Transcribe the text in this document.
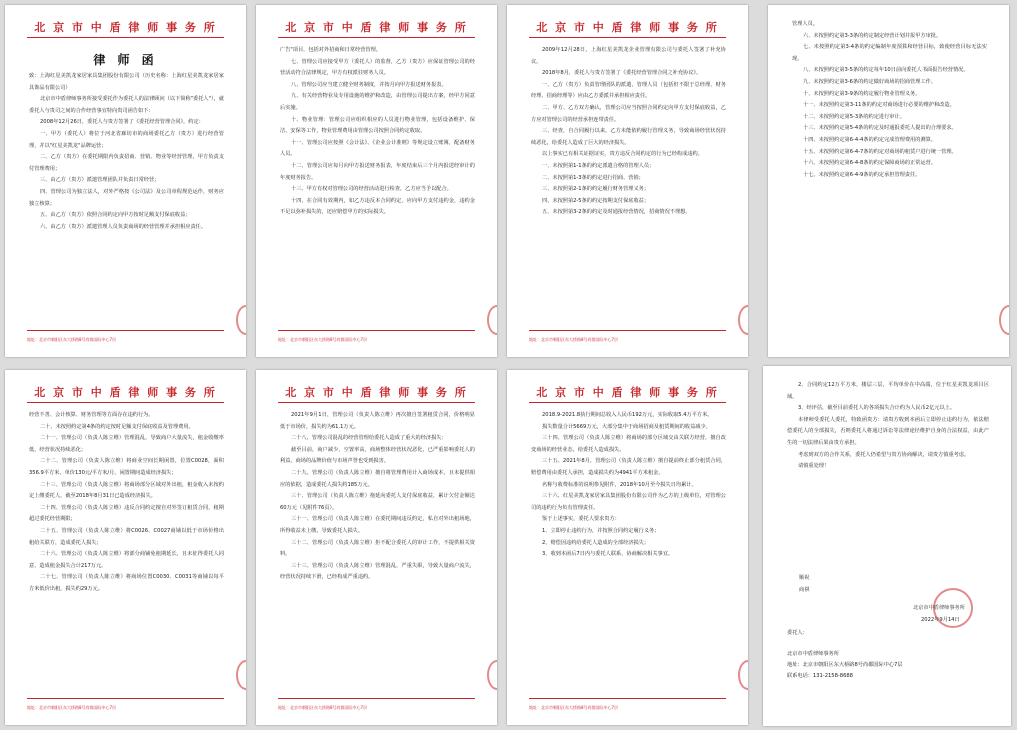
北 京 市 中 盾 律 师 事 务 所
律 师 函
致：上海红星美凯龙家居家具集团股份有限公司（历史名称：上海红星美凯龙家居家具饰品有限公司）
北京市中盾律师事务所接受委托作为委托人的法律顾问（以下简称"委托人"），就委托人与贵司之间的合作经营事宜特向贵司函告如下：
2008年12月26日，委托人与贵方签署了《委托经营管理合同》，约定：
一、甲方（委托人）将位于河北省廊坊市的商场委托乙方（贵方）进行经营管理，并以"红星美凯龙"品牌运营；
二、乙方（贵方）在委托期限内负责招商、营销、物业等经营管理，甲方负责支付管理费用；
三、由乙方（贵方）派遣管理团队并负责日常经营；
四、管理公司为独立法人，对外严格按《公司法》及公司章程规范运作，财务应独立核算；
五、由乙方（贵方）依照合同约定向甲方按时足额支付保底收益；
六、由乙方（贵方）派遣管理人员负责商场的经营管理并承担相应责任。
地址：北京市朝阳区东大桥路8号尚都国际中心7层
北 京 市 中 盾 律 师 事 务 所
广告"项目，包括对外招商和日常经营管理。
七、管理公司应接受甲方（委托人）的监督，乙方（贵方）应保证管理公司的经营活动符合法律规定，甲方有权派驻财务人员。
八、管理公司应当建立健全财务制度，并按月向甲方报送财务报表。
九、有关经营物业及专用设施的维护和改造，由管理公司提出方案，经甲方同意后实施。
十、物业管理：管理公司应组织相应的人员进行物业管理，包括设备维护、保洁、安保等工作，物业管理费用由管理公司按照合同约定收取。
十一、管理公司应按照《会计法》、《企业会计准则》等规定设立账簿，配备财务人员。
十二、管理公司应每月向甲方报送财务报表，年度结束后三个月内报送经审计的年度财务报告。
十三、甲方有权对管理公司的经营活动进行检查，乙方应当予以配合。
十四、在合同有效期内，如乙方违反本合同约定，应向甲方支付违约金，违约金不足以弥补损失的，还应赔偿甲方的实际损失。
地址：北京市朝阳区东大桥路8号尚都国际中心7层
北 京 市 中 盾 律 师 事 务 所
2009年12月28日，上海红星美凯龙企业管理有限公司与委托人签署了补充协议。
2018年8月，委托人与贵方签署了《委托经营管理合同之补充协议》。
一、乙方（贵方）负责管理团队的派遣，管理人员（包括但不限于总经理、财务经理、招商经理等）应由乙方委派并承担相应责任。
二、甲方、乙方双方确认，管理公司应当按照合同约定向甲方支付保底收益，乙方应对管理公司的经营承担连带责任。
三、经查，自合同履行以来，乙方未能依约履行管理义务，导致商场经营状况持续恶化，给委托人造成了巨大的经济损失。
以上事实已有相关证据证实，贵方违反合同约定的行为已经构成违约。
一、未按照第1-1条的约定派遣合格的管理人员；
二、未按照第1-3条的约定进行招商、营销；
三、未按照第2-1条的约定履行财务管理义务；
四、未按照第2-5条的约定按期支付保底收益；
五、未按照第3-2条的约定及时通报经营情况，招商情况不理想。
地址：北京市朝阳区东大桥路8号尚都国际中心7层
管理人员。
六、未按照约定第3-3条的约定制定经营计划并报甲方审批。
七、未按照约定第3-4条的约定编制年度预算和经营目标，致使经营目标无法实现。
八、未按照约定第3-5条的约定每年10日前向委托人书面报告经营情况。
九、未按照约定第3-6条的约定做好商场的招商管理工作。
十、未按照约定第3-9条的约定履行物业管理义务。
十一、未按照约定第3-11条的约定对商场进行必要的维护和改造。
十二、未按照约定第5-3条的约定进行审计。
十三、未按照约定第5-4条的约定及时通报委托人提出的合理要求。
十四、未按照约定第6-4-4条的约定完成管理费用的测算。
十五、未按照约定第6-4-7条的约定对商场的租赁户进行统一管理。
十六、未按照约定第6-4-8条的约定保障商场的正常运营。
十七、未按照约定第6-4-9条的约定承担管理责任。
北 京 市 中 盾 律 师 事 务 所
经营不善、会计核算、财务管理等方面存在违约行为。
二十、未按照约定第4条的约定按时足额支付保底收益及管理费用。
二十一、管理公司（负责人陈立维）管理混乱，导致商户大量流失，租金收缴率低，经营状况持续恶化；
二十二、管理公司（负责人陈立维）将商业空间长期闲置，位置C0028，面积356.9平方米，单价130元/平方米/月，闲置期间造成经济损失；
二十三、管理公司（负责人陈立维）将商场部分区域对外出租，租金收入未按约定上缴委托人，截至2018年8月31日已造成经济损失。
二十四、管理公司（负责人陈立维）违反合同约定擅自对外签订租赁合同，租期超过委托经营期限；
二十五、管理公司（负责人陈立维）将C0026、C0027商铺以低于市场价格出租给关联方，造成委托人损失；
二十六、管理公司（负责人陈立维）将部分商铺免租期延长，且未征得委托人同意，造成租金损失合计217万元。
二十七、管理公司（负责人陈立维）将商场位置C0030、C0031等商铺以每平方米低价出租，损失约29万元。
地址：北京市朝阳区东大桥路8号尚都国际中心7层
北 京 市 中 盾 律 师 事 务 所
2021年9月1日，管理公司（负责人陈立维）再次擅自签署租赁合同，价格明显低于市场价，损失约为61.1万元。
二十八、管理公司混乱的经营管理给委托人造成了重大的经济损失：
截至目前，商户减少，空置率高，商场整体经营状况恶化，已严重影响委托人的利益，商场的品牌价值与市场声誉也受到损害。
二十九、管理公司（负责人陈立维）擅自将管理费用计入商场成本，且未提供相应的依据，造成委托人损失约185万元。
三十、管理公司（负责人陈立维）拖延向委托人支付保底收益，累计欠付金额达60万元（见附件76页）。
三十一、管理公司（负责人陈立维）在委托期间违反约定，私自对外出租场地，所得收益未上缴，导致委托人损失。
三十二、管理公司（负责人陈立维）拒不配合委托人的审计工作，不提供相关资料。
三十三、管理公司（负责人陈立维）管理混乱，严重失职，导致大量商户流失，经营状况持续下滑，已经构成严重违约。
地址：北京市朝阳区东大桥路8号尚都国际中心7层
北 京 市 中 盾 律 师 事 务 所
2018.9-2021.8执行期间总收入人民币192万元，实际收取5.4万平方米。
损失数量合计5669万元，大部分集中于商场招商及租赁期间的收益减少。
三十四、管理公司（负责人陈立维）将商场的部分区域交由关联方经营，擅自改变商场的经营业态，给委托人造成损失。
三十五、2021年8月，管理公司（负责人陈立维）擅自提前终止部分租赁合同，赔偿费用由委托人承担，造成损失约为4941平方米租金。
名称与收费标准的说明参见附件，2018年10月至今损失日均累计。
三十六、红星美凯龙家居家具集团股份有限公司作为乙方的上级单位，对管理公司的违约行为负有管理责任。
鉴于上述事实，委托人要求贵方：
1、立即停止违约行为，并按照合同约定履行义务；
2、赔偿因违约给委托人造成的全部经济损失；
3、收到本函后7日内与委托人联系，协商解决相关事宜。
地址：北京市朝阳区东大桥路8号尚都国际中心7层
2、合同约定12万平方米，楼层三层，平均单价在中高端，位于红星美凯龙项目区域。
3、经评估，截至目前委托人的各项损失合计约为人民币2亿元以上。
本律师受委托人委托，特致函贵方：请贵方收到本函后立即停止违约行为，依法赔偿委托人的全部损失，否则委托人将通过诉讼等法律途径维护自身的合法权益，由此产生的一切法律后果由贵方承担。
考虑到双方的合作关系，委托人仍希望与贵方协商解决，请贵方慎重考虑。
请慎重处理！
顺祝
商祺
北京市中盾律师事务所
2022年9月14日
委托人：
北京市中盾律师事务所
地址：北京市朝阳区东大桥路8号尚都国际中心7层
联系电话：131-2158-8688
